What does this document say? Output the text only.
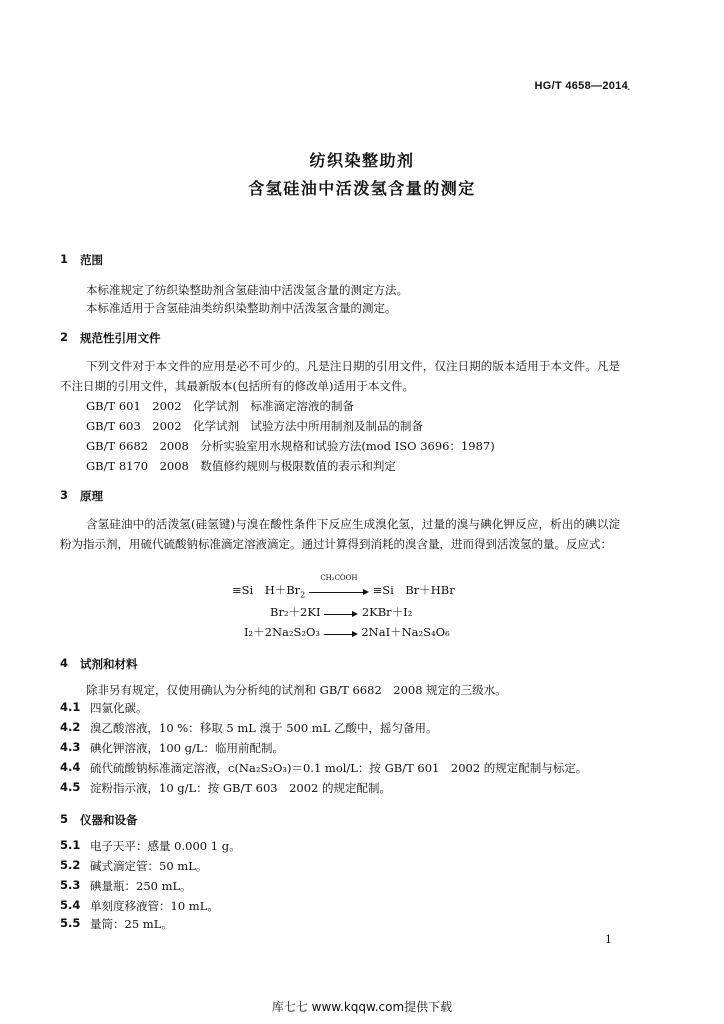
HG/T 4658—2014 .
纺织染整助剂
含氢硅油中活泼氢含量的测定
1 范围
本标准规定了纺织染整助剂含氢硅油中活泼氢含量的测定方法。
本标准适用于含氢硅油类纺织染整助剂中活泼氢含量的测定。
2 规范性引用文件
下列文件对于本文件的应用是必不可少的。凡是注日期的引用文件，仅注日期的版本适用于本文件。凡是不注日期的引用文件，其最新版本(包括所有的修改单)适用于本文件。
GB/T 601　2002　化学试剂　标准滴定溶液的制备
GB/T 603　2002　化学试剂　试验方法中所用制剂及制品的制备
GB/T 6682　2008　分析实验室用水规格和试验方法(mod ISO 3696：1987)
GB/T 8170　2008　数值修约规则与极限数值的表示和判定
3 原理
含氢硅油中的活泼氢(硅氢键)与溴在酸性条件下反应生成溴化氢，过量的溴与碘化钾反应，析出的碘以淀粉为指示剂，用硫代硫酸钠标准滴定溶液滴定。通过计算得到消耗的溴含量，进而得到活泼氢的量。反应式：
≡Si　$H+Br_2$
CH₃COOH
≡Si　Br＋HBr
Br₂＋2KI	2KBr＋I₂
I₂＋2Na₂S₂O₃	2NaI＋Na₂S₄O₆
4 试剂和材料
除非另有规定，仅使用确认为分析纯的试剂和 GB/T 6682　2008 规定的三级水。
4.1 四氯化碳。
4.2 溴乙酸溶液，10 %：移取 5 mL 溴于 500 mL 乙酸中，摇匀备用。
4.3 碘化钾溶液，100 g/L：临用前配制。
4.4 硫代硫酸钠标准滴定溶液，c(Na₂S₂O₃)＝0.1 mol/L：按 GB/T 601　2002 的规定配制与标定。
4.5 淀粉指示液，10 g/L：按 GB/T 603　2002 的规定配制。
5 仪器和设备
5.1 电子天平：感量 0.000 1 g。
5.2 碱式滴定管：50 mL。
5.3 碘量瓶：250 mL。
5.4 单刻度移液管：10 mL。
5.5 量筒：25 mL。
1
库七七 www.kqqw.com提供下载
